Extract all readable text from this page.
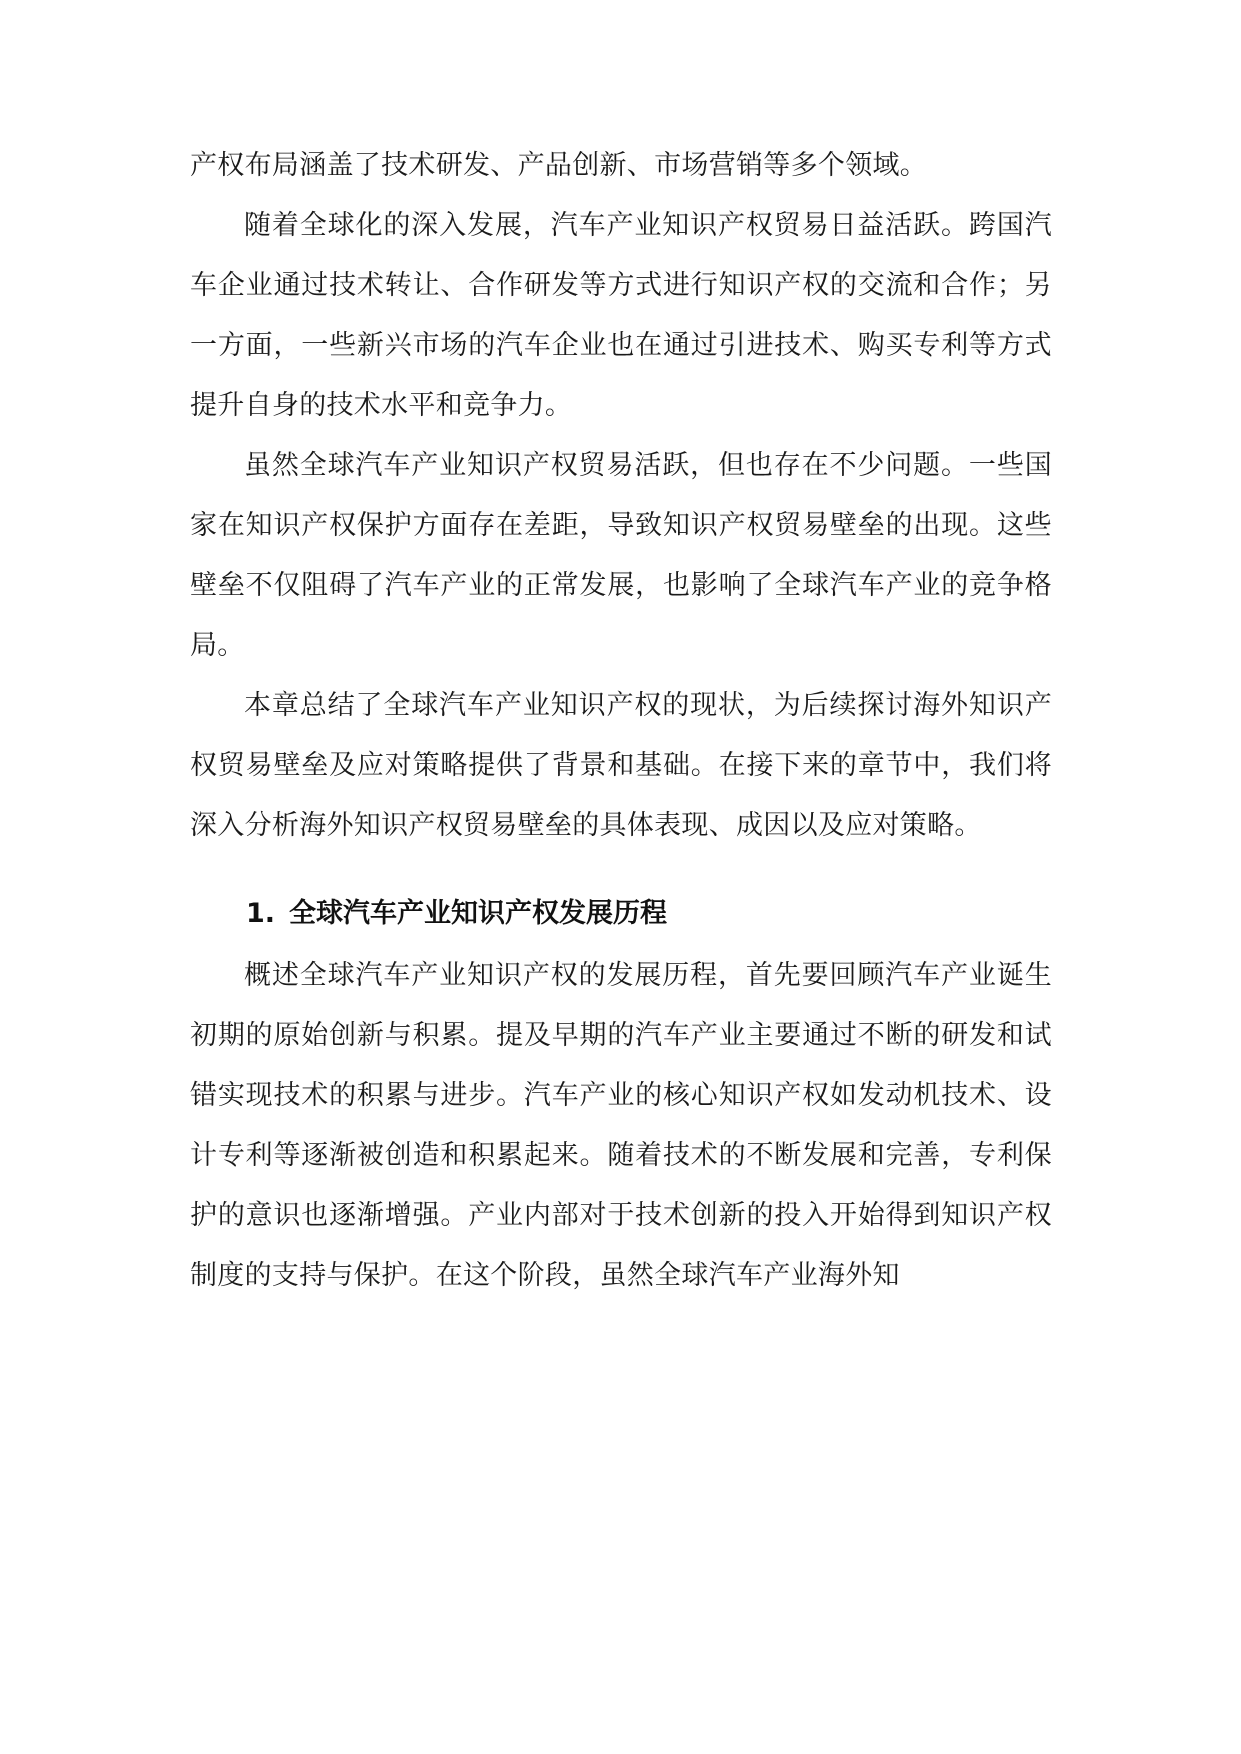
产权布局涵盖了技术研发、产品创新、市场营销等多个领域。

随着全球化的深入发展，汽车产业知识产权贸易日益活跃。跨国汽车企业通过技术转让、合作研发等方式进行知识产权的交流和合作；另一方面，一些新兴市场的汽车企业也在通过引进技术、购买专利等方式提升自身的技术水平和竞争力。

虽然全球汽车产业知识产权贸易活跃，但也存在不少问题。一些国家在知识产权保护方面存在差距，导致知识产权贸易壁垒的出现。这些壁垒不仅阻碍了汽车产业的正常发展，也影响了全球汽车产业的竞争格局。

本章总结了全球汽车产业知识产权的现状，为后续探讨海外知识产权贸易壁垒及应对策略提供了背景和基础。在接下来的章节中，我们将深入分析海外知识产权贸易壁垒的具体表现、成因以及应对策略。

1. 全球汽车产业知识产权发展历程

概述全球汽车产业知识产权的发展历程，首先要回顾汽车产业诞生初期的原始创新与积累。提及早期的汽车产业主要通过不断的研发和试错实现技术的积累与进步。汽车产业的核心知识产权如发动机技术、设计专利等逐渐被创造和积累起来。随着技术的不断发展和完善，专利保护的意识也逐渐增强。产业内部对于技术创新的投入开始得到知识产权制度的支持与保护。在这个阶段，虽然全球汽车产业海外知
